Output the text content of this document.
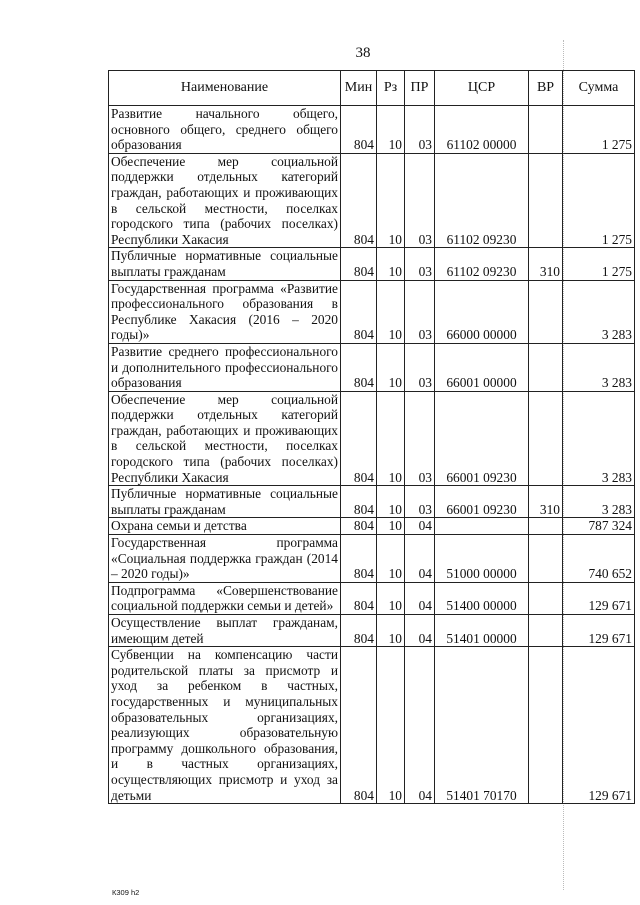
38
Наименование	Мин	Рз	ПР	ЦСР	ВР	Сумма
Развитие начального общего, основного общего, среднего общего образования	804	10	03	61102 00000		1 275
Обеспечение мер социальной поддержки отдельных категорий граждан, работающих и проживающих в сельской местности, поселках городского типа (рабочих поселках) Республики Хакасия	804	10	03	61102 09230		1 275
Публичные нормативные социальные выплаты гражданам	804	10	03	61102 09230	310	1 275
Государственная программа «Развитие профессионального образования в Республике Хакасия (2016 – 2020 годы)»	804	10	03	66000 00000		3 283
Развитие среднего профессионального и дополнительного профессионального образования	804	10	03	66001 00000		3 283
Обеспечение мер социальной поддержки отдельных категорий граждан, работающих и проживающих в сельской местности, поселках городского типа (рабочих поселках) Республики Хакасия	804	10	03	66001 09230		3 283
Публичные нормативные социальные выплаты гражданам	804	10	03	66001 09230	310	3 283
Охрана семьи и детства	804	10	04			787 324
Государственная программа «Социальная поддержка граждан (2014 – 2020 годы)»	804	10	04	51000 00000		740 652
Подпрограмма «Совершенствование социальной поддержки семьи и детей»	804	10	04	51400 00000		129 671
Осуществление выплат гражданам, имеющим детей	804	10	04	51401 00000		129 671
Субвенции на компенсацию части родительской платы за присмотр и уход за ребенком в частных, государственных и муниципальных образовательных организациях, реализующих образовательную программу дошкольного образования, и в частных организациях, осуществляющих присмотр и уход за детьми	804	10	04	51401 70170		129 671
К309 h2
